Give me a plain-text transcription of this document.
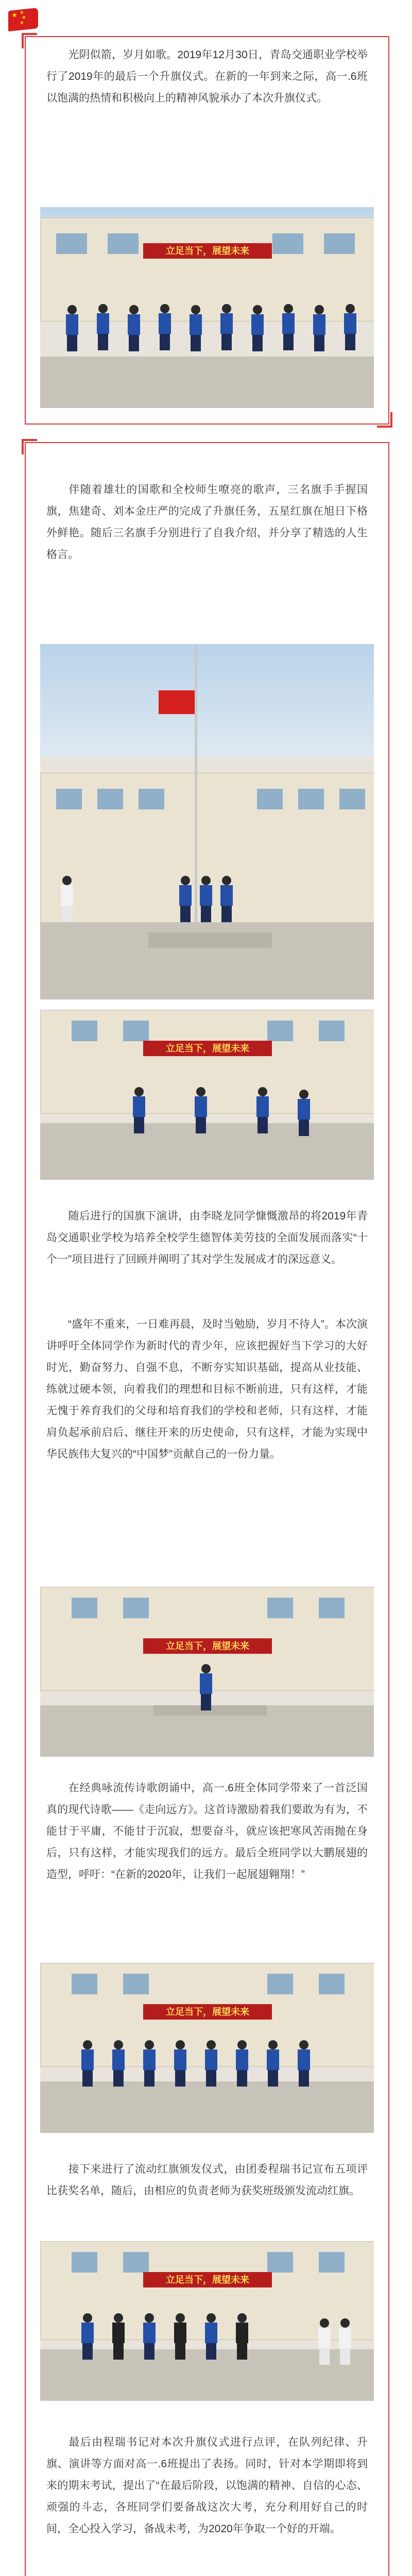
★ ★
★
★

光阴似箭，岁月如歌。2019年12月30日，青岛交通职业学校举行了2019年的最后一个升旗仪式。在新的一年到来之际，高一.6班以饱满的热情和积极向上的精神风貌承办了本次升旗仪式。

立足当下，展望未来

伴随着雄壮的国歌和全校师生嘹亮的歌声，三名旗手手握国旗，焦建奇、刘本金庄严的完成了升旗任务，五星红旗在旭日下格外鲜艳。随后三名旗手分别进行了自我介绍，并分享了精选的人生格言。

立足当下，展望未来

随后进行的国旗下演讲，由李晓龙同学慷慨激昂的将2019年青岛交通职业学校为培养全校学生德智体美劳技的全面发展而落实“十个一”项目进行了回顾并阐明了其对学生发展成才的深远意义。

“盛年不重来，一日难再晨，及时当勉励，岁月不待人”。本次演讲呼吁全体同学作为新时代的青少年，应该把握好当下学习的大好时光，勤奋努力、自强不息，不断夯实知识基础，提高从业技能、练就过硬本领，向着我们的理想和目标不断前进，只有这样，才能无愧于养育我们的父母和培育我们的学校和老师，只有这样，才能肩负起承前启后、继往开来的历史使命，只有这样，才能为实现中华民族伟大复兴的“中国梦”贡献自己的一份力量。

立足当下，展望未来

在经典咏流传诗歌朗诵中，高一.6班全体同学带来了一首泛国真的现代诗歌——《走向远方》。这首诗激励着我们要敢为有为，不能甘于平庸，不能甘于沉寂，想要奋斗，就应该把寒风苦雨抛在身后，只有这样，才能实现我们的远方。最后全班同学以大鹏展翅的造型，呼吁：“在新的2020年，让我们一起展翅翱翔！”

立足当下，展望未来

接下来进行了流动红旗颁发仪式，由团委程瑞书记宣布五项评比获奖名单，随后，由相应的负责老师为获奖班级颁发流动红旗。

立足当下，展望未来

最后由程瑞书记对本次升旗仪式进行点评，在队列纪律、升旗、演讲等方面对高一.6班提出了表扬。同时，针对本学期即将到来的期末考试，提出了“在最后阶段，以饱满的精神、自信的心态、顽强的斗志，各班同学们要备战这次大考，充分利用好自己的时间，全心投入学习，备战未考，为2020年争取一个好的开端。
